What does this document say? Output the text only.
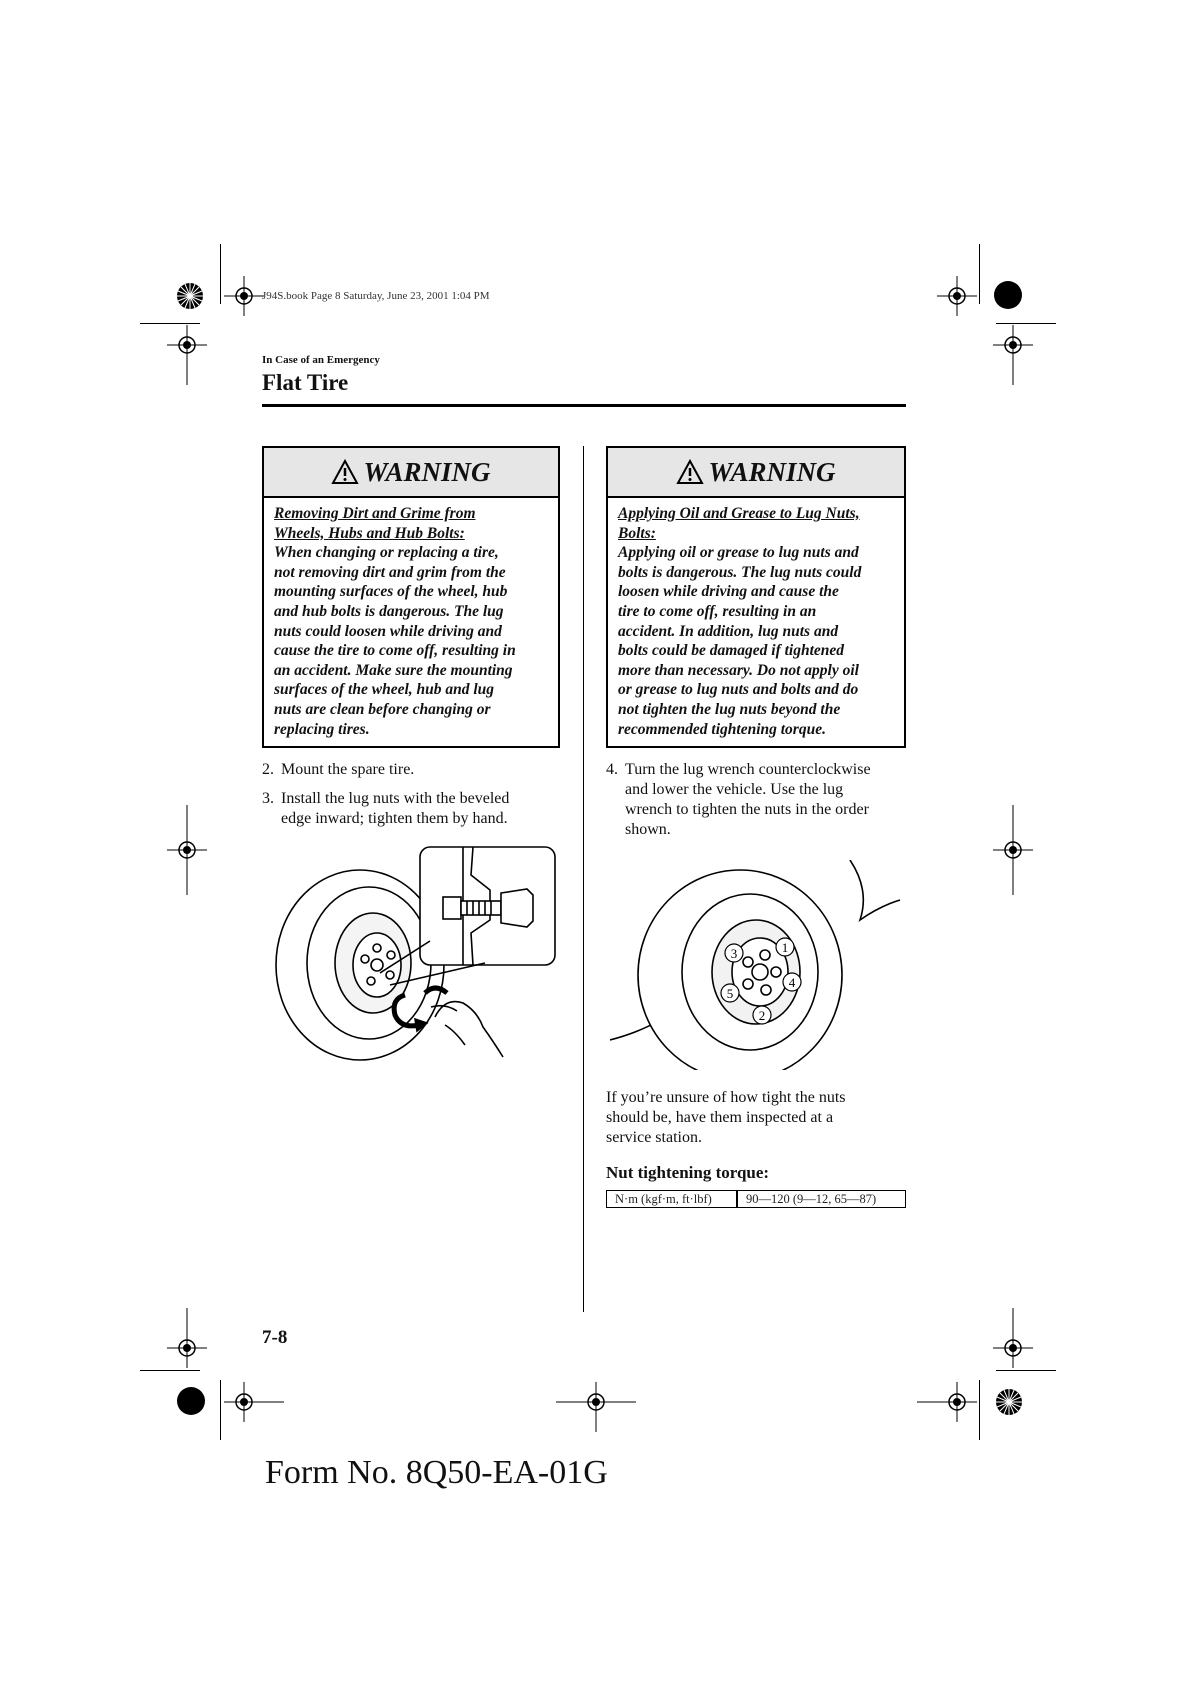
J94S.book Page 8 Saturday, June 23, 2001 1:04 PM
In Case of an Emergency
Flat Tire
WARNING
Removing Dirt and Grime from
Wheels, Hubs and Hub Bolts:
When changing or replacing a tire,
not removing dirt and grim from the
mounting surfaces of the wheel, hub
and hub bolts is dangerous. The lug
nuts could loosen while driving and
cause the tire to come off, resulting in
an accident. Make sure the mounting
surfaces of the wheel, hub and lug
nuts are clean before changing or
replacing tires.
WARNING
Applying Oil and Grease to Lug Nuts,
Bolts:
Applying oil or grease to lug nuts and
bolts is dangerous. The lug nuts could
loosen while driving and cause the
tire to come off, resulting in an
accident. In addition, lug nuts and
bolts could be damaged if tightened
more than necessary. Do not apply oil
or grease to lug nuts and bolts and do
not tighten the lug nuts beyond the
recommended tightening torque.
2. Mount the spare tire.
3. Install the lug nuts with the beveled
edge inward; tighten them by hand.
4. Turn the lug wrench counterclockwise
and lower the vehicle. Use the lug
wrench to tighten the nuts in the order
shown.
1
2
3
4
5
If you’re unsure of how tight the nuts
should be, have them inspected at a
service station.
Nut tightening torque:
N·m (kgf·m, ft·lbf)	90—120 (9—12, 65—87)
7-8
Form No. 8Q50-EA-01G
